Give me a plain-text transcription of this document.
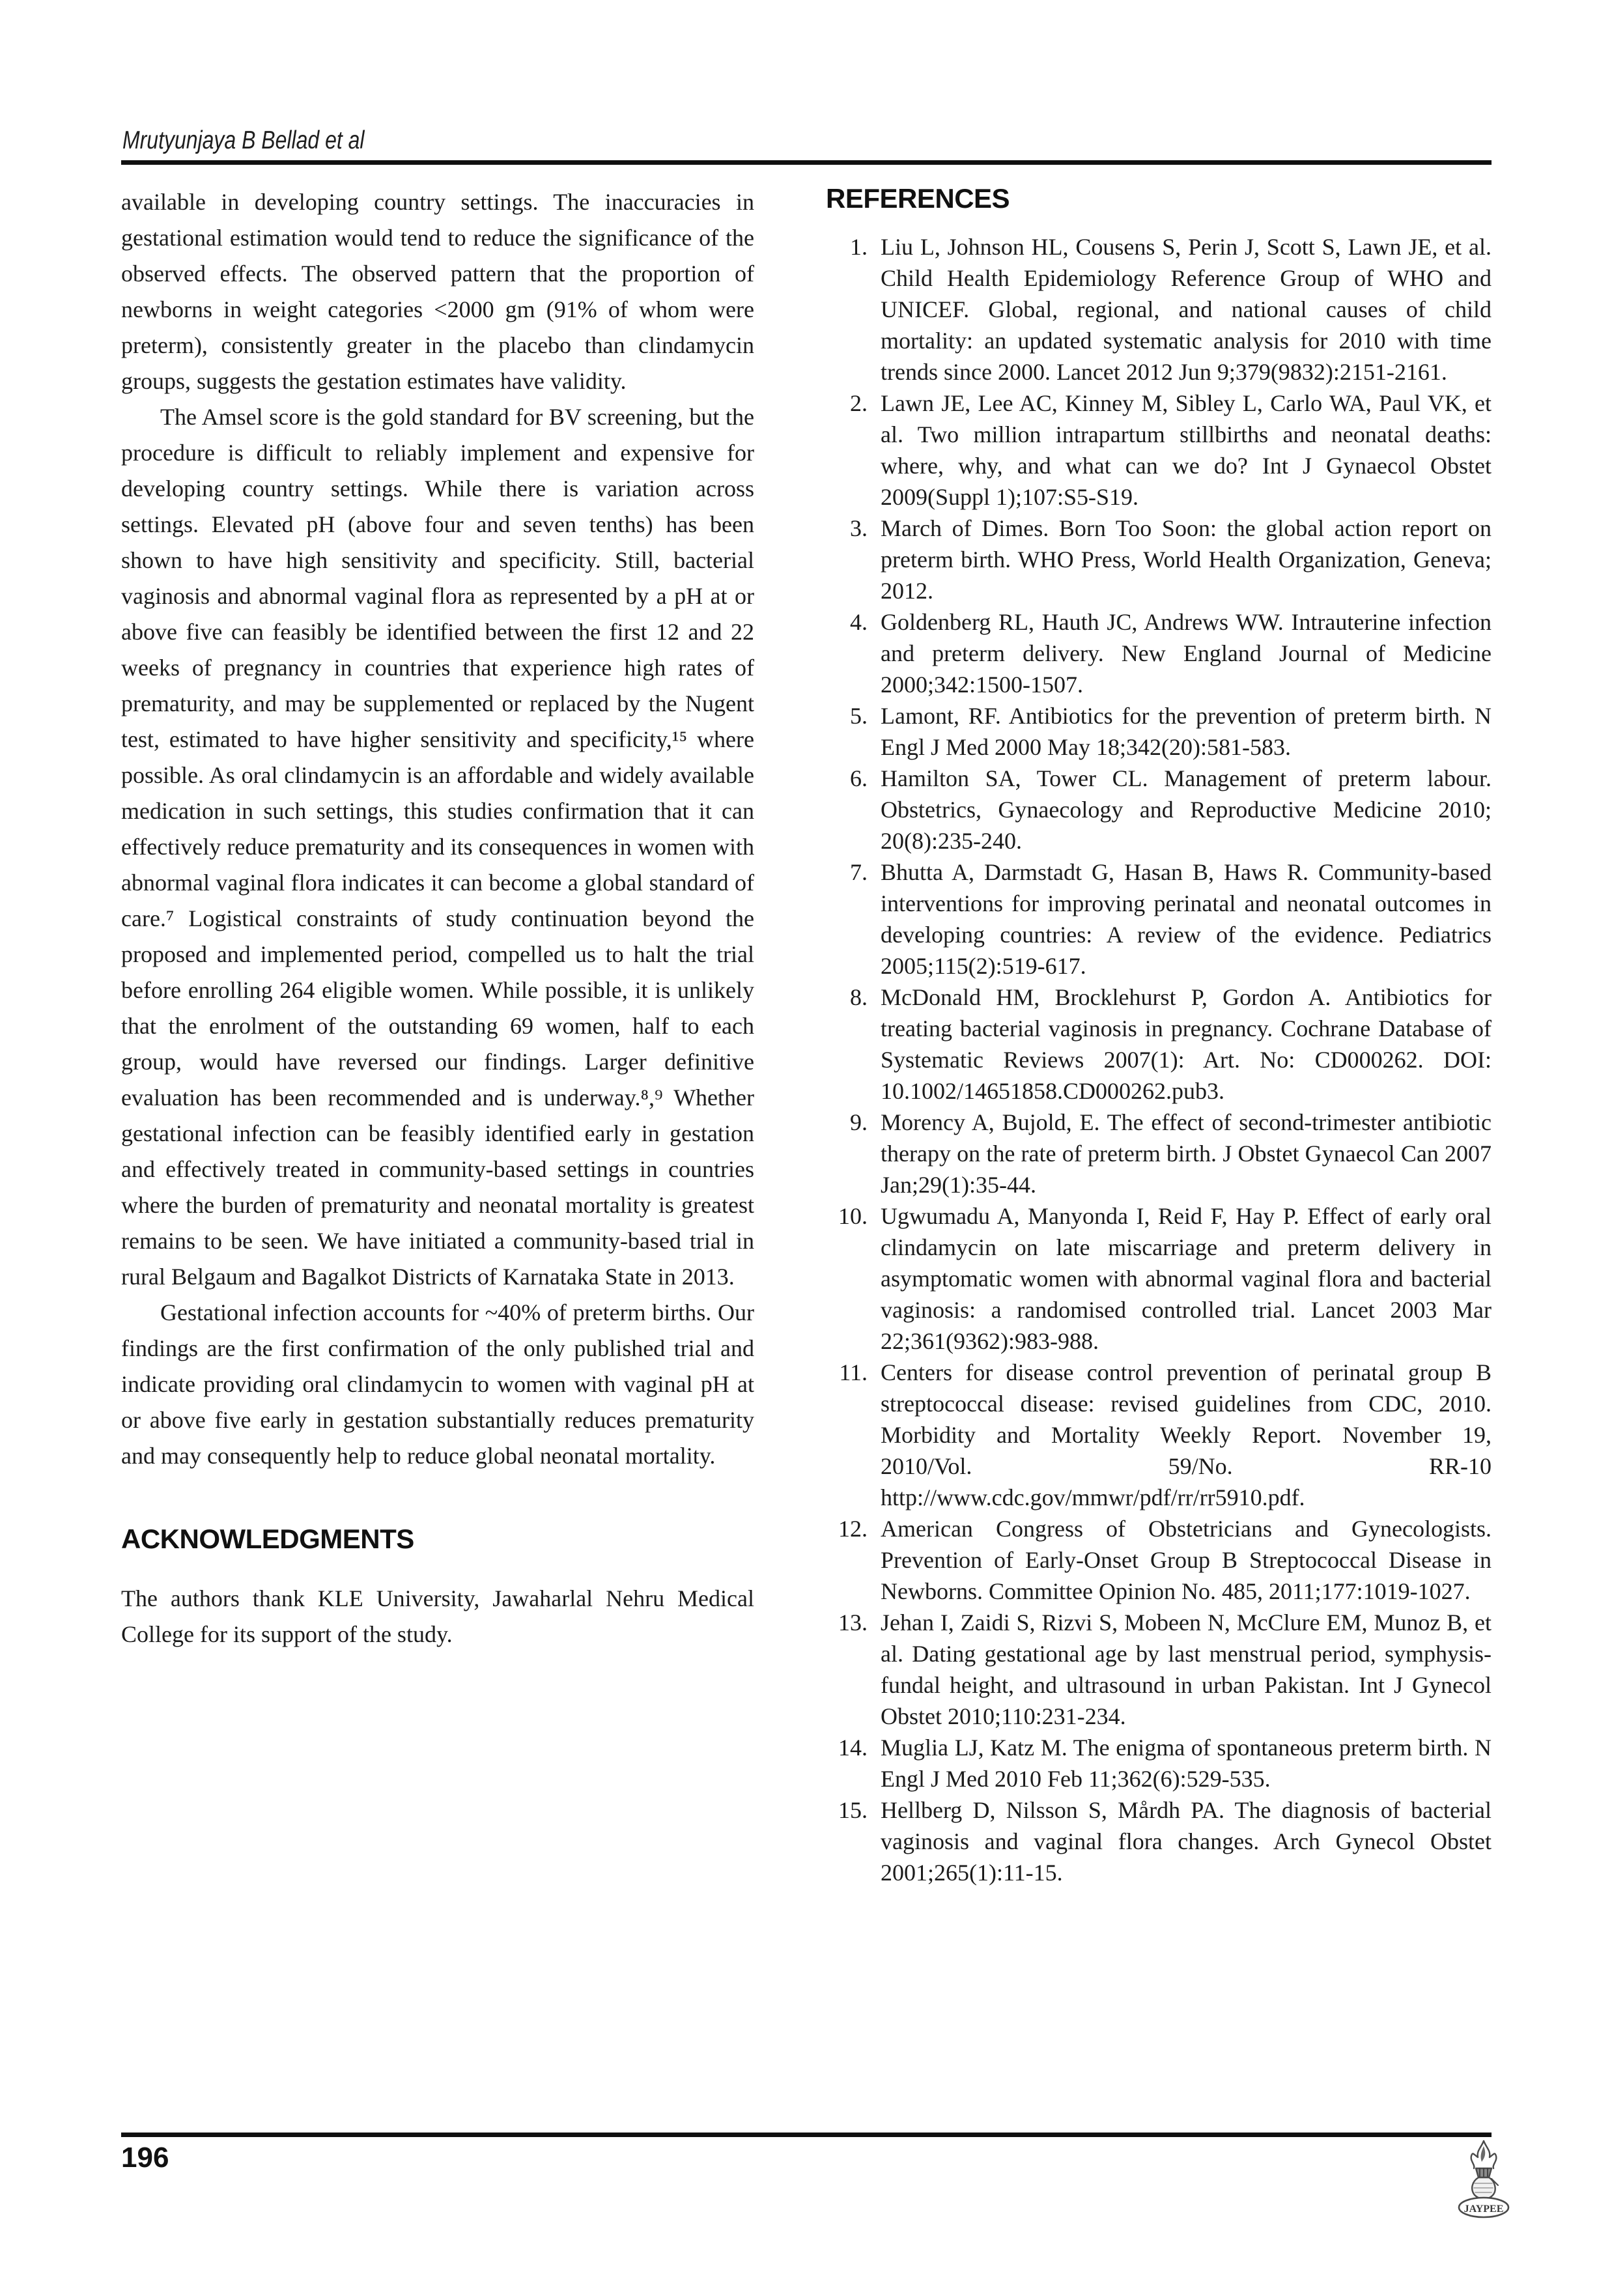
Mrutyunjaya B Bellad et al

available in developing country settings. The inaccuracies in gestational estimation would tend to reduce the significance of the observed effects. The observed pattern that the proportion of newborns in weight categories <2000 gm (91% of whom were preterm), consistently greater in the placebo than clindamycin groups, suggests the gestation estimates have validity.

The Amsel score is the gold standard for BV screening, but the procedure is difficult to reliably implement and expensive for developing country settings. While there is variation across settings. Elevated pH (above four and seven tenths) has been shown to have high sensitivity and specificity. Still, bacterial vaginosis and abnormal vaginal flora as represented by a pH at or above five can feasibly be identified between the first 12 and 22 weeks of pregnancy in countries that experience high rates of prematurity, and may be supplemented or replaced by the Nugent test, estimated to have higher sensitivity and specificity,¹⁵ where possible. As oral clindamycin is an affordable and widely available medication in such settings, this studies confirmation that it can effectively reduce prematurity and its consequences in women with abnormal vaginal flora indicates it can become a global standard of care.⁷ Logistical constraints of study continuation beyond the proposed and implemented period, compelled us to halt the trial before enrolling 264 eligible women. While possible, it is unlikely that the enrolment of the outstanding 69 women, half to each group, would have reversed our findings. Larger definitive evaluation has been recommended and is underway.⁸,⁹ Whether gestational infection can be feasibly identified early in gestation and effectively treated in community-based settings in countries where the burden of prematurity and neonatal mortality is greatest remains to be seen. We have initiated a community-based trial in rural Belgaum and Bagalkot Districts of Karnataka State in 2013.

Gestational infection accounts for ~40% of preterm births. Our findings are the first confirmation of the only published trial and indicate providing oral clindamycin to women with vaginal pH at or above five early in gestation substantially reduces prematurity and may consequently help to reduce global neonatal mortality.

ACKNOWLEDGMENTS

The authors thank KLE University, Jawaharlal Nehru Medical College for its support of the study.

REFERENCES
Liu L, Johnson HL, Cousens S, Perin J, Scott S, Lawn JE, et al. Child Health Epidemiology Reference Group of WHO and UNICEF. Global, regional, and national causes of child mortality: an updated systematic analysis for 2010 with time trends since 2000. Lancet 2012 Jun 9;379(9832):2151-2161.
Lawn JE, Lee AC, Kinney M, Sibley L, Carlo WA, Paul VK, et al. Two million intrapartum stillbirths and neonatal deaths: where, why, and what can we do? Int J Gynaecol Obstet 2009(Suppl 1);107:S5-S19.
March of Dimes. Born Too Soon: the global action report on preterm birth. WHO Press, World Health Organization, Geneva; 2012.
Goldenberg RL, Hauth JC, Andrews WW. Intrauterine infection and preterm delivery. New England Journal of Medicine 2000;342:1500-1507.
Lamont, RF. Antibiotics for the prevention of preterm birth. N Engl J Med 2000 May 18;342(20):581-583.
Hamilton SA, Tower CL. Management of preterm labour. Obstetrics, Gynaecology and Reproductive Medicine 2010; 20(8):235-240.
Bhutta A, Darmstadt G, Hasan B, Haws R. Community-based interventions for improving perinatal and neonatal outcomes in developing countries: A review of the evidence. Pediatrics 2005;115(2):519-617.
McDonald HM, Brocklehurst P, Gordon A. Antibiotics for treating bacterial vaginosis in pregnancy. Cochrane Database of Systematic Reviews 2007(1): Art. No: CD000262. DOI: 10.1002/14651858.CD000262.pub3.
Morency A, Bujold, E. The effect of second-trimester antibiotic therapy on the rate of preterm birth. J Obstet Gynaecol Can 2007 Jan;29(1):35-44.
Ugwumadu A, Manyonda I, Reid F, Hay P. Effect of early oral clindamycin on late miscarriage and preterm delivery in asymptomatic women with abnormal vaginal flora and bacterial vaginosis: a randomised controlled trial. Lancet 2003 Mar 22;361(9362):983-988.
Centers for disease control prevention of perinatal group B streptococcal disease: revised guidelines from CDC, 2010. Morbidity and Mortality Weekly Report. November 19, 2010/Vol. 59/No. RR-10 http://www.cdc.gov/mmwr/pdf/rr/rr5910.pdf.
American Congress of Obstetricians and Gynecologists. Prevention of Early-Onset Group B Streptococcal Disease in Newborns. Committee Opinion No. 485, 2011;177:1019-1027.
Jehan I, Zaidi S, Rizvi S, Mobeen N, McClure EM, Munoz B, et al. Dating gestational age by last menstrual period, symphysis-fundal height, and ultrasound in urban Pakistan. Int J Gynecol Obstet 2010;110:231-234.
Muglia LJ, Katz M. The enigma of spontaneous preterm birth. N Engl J Med 2010 Feb 11;362(6):529-535.
Hellberg D, Nilsson S, Mårdh PA. The diagnosis of bacterial vaginosis and vaginal flora changes. Arch Gynecol Obstet 2001;265(1):11-15.
196
JAYPEE
